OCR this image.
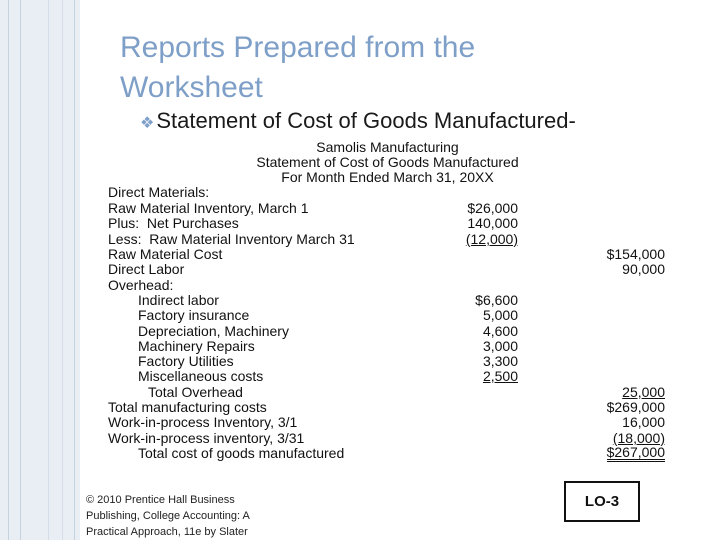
Reports Prepared from the
Worksheet
❖Statement of Cost of Goods Manufactured-
Samolis Manufacturing
Statement of Cost of Goods Manufactured
For Month Ended March 31, 20XX
Direct Materials:
Raw Material Inventory, March 1	$26,000
Plus:  Net Purchases	140,000
Less:  Raw Material Inventory March 31	(12,000)
Raw Material Cost	$154,000
Direct Labor	90,000
Overhead:
Indirect labor	$6,600
Factory insurance	5,000
Depreciation, Machinery	4,600
Machinery Repairs	3,000
Factory Utilities	3,300
Miscellaneous costs	2,500
Total Overhead	25,000
Total manufacturing costs	$269,000
Work-in-process Inventory, 3/1	16,000
Work-in-process inventory, 3/31	(18,000)
Total cost of goods manufactured	$267,000
© 2010 Prentice Hall Business
Publishing, College Accounting: A
Practical Approach, 11e by Slater
LO-3
